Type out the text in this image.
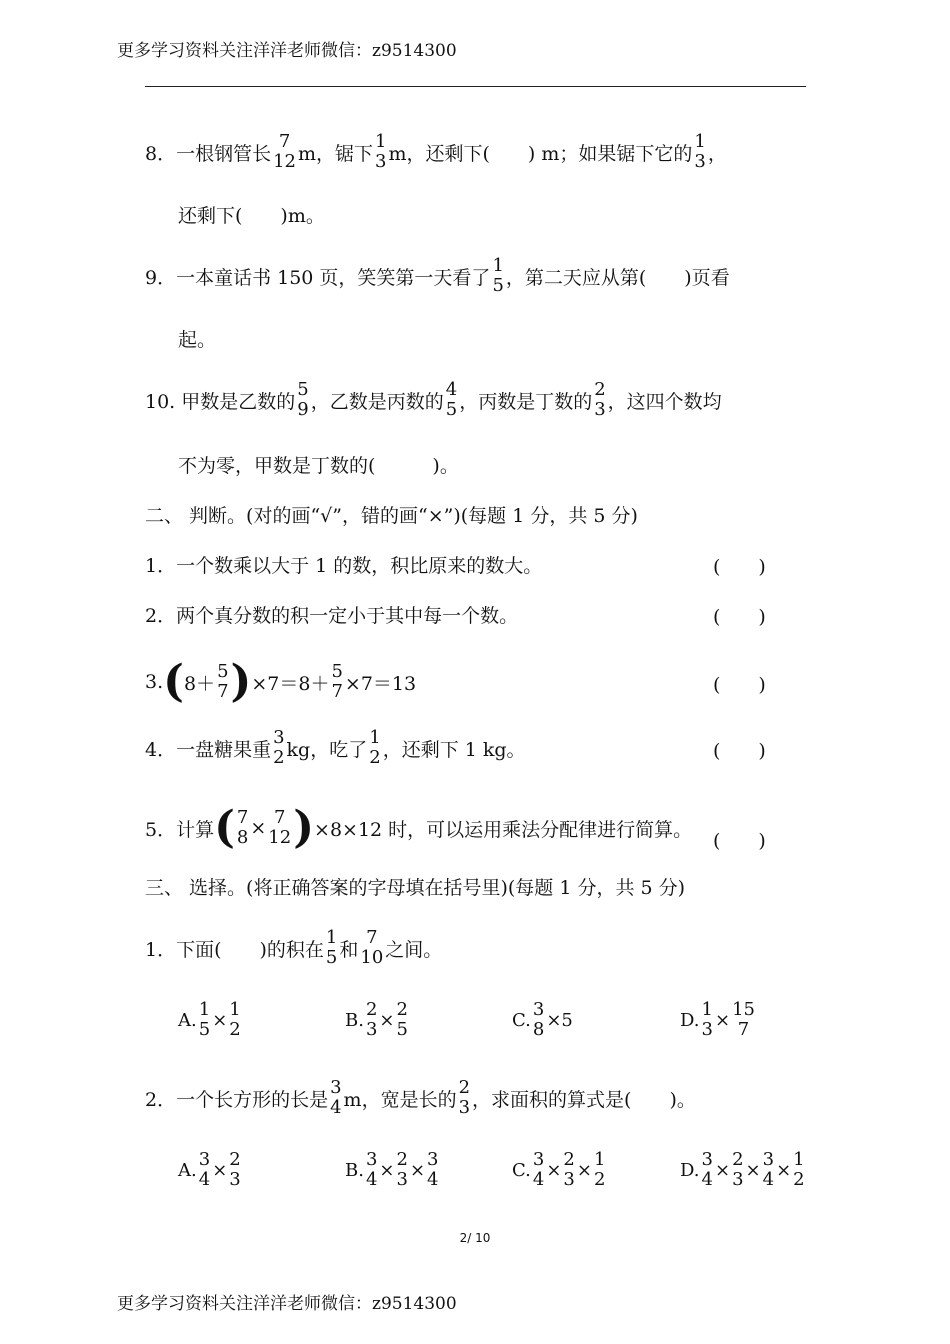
更多学习资料关注洋洋老师微信：z9514300
8．一根钢管长
7
12 m，锯下
1
3 m，还剩下(　　) m；如果锯下它的
1
3 ，
还剩下(　　)m。
9．一本童话书 150 页，笑笑第一天看了
1
5 ，第二天应从第(　　)页看
起。
10. 甲数是乙数的
5
9 ，乙数是丙数的
4
5 ，丙数是丁数的
2
3 ，这四个数均
不为零，甲数是丁数的(　　　)。
二、 判断。(对的画“√”，错的画“×”)(每题 1 分，共 5 分)
1．一个数乘以大于 1 的数，积比原来的数大。	(　　)
2．两个真分数的积一定小于其中每一个数。	(　　)
3. ( 8＋
5
7 ) ×7＝8＋
5
7 ×7＝13	(　　)
4．一盘糖果重
3
2 kg，吃了
1
2 ，还剩下 1 kg。	(　　)
5．计算 ( 7
8 × 7
12 ) ×8×12 时，可以运用乘法分配律进行简算。
(　　)
三、 选择。(将正确答案的字母填在括号里)(每题 1 分，共 5 分)
1．下面(　　)的积在
1
5 和
7
10 之间。
A. 1
5 × 1
2	B. 2
3 × 2
5	C. 3
8 ×5	D. 1
3 × 15
7
2．一个长方形的长是
3
4 m，宽是长的
2
3 ，求面积的算式是(　　)。
A. 3
4 × 2
3	B. 3
4 × 2
3 × 3
4	C. 3
4 × 2
3 × 1
2	D. 3
4 × 2
3 × 3
4 × 1
2
2/ 10
更多学习资料关注洋洋老师微信：z9514300
